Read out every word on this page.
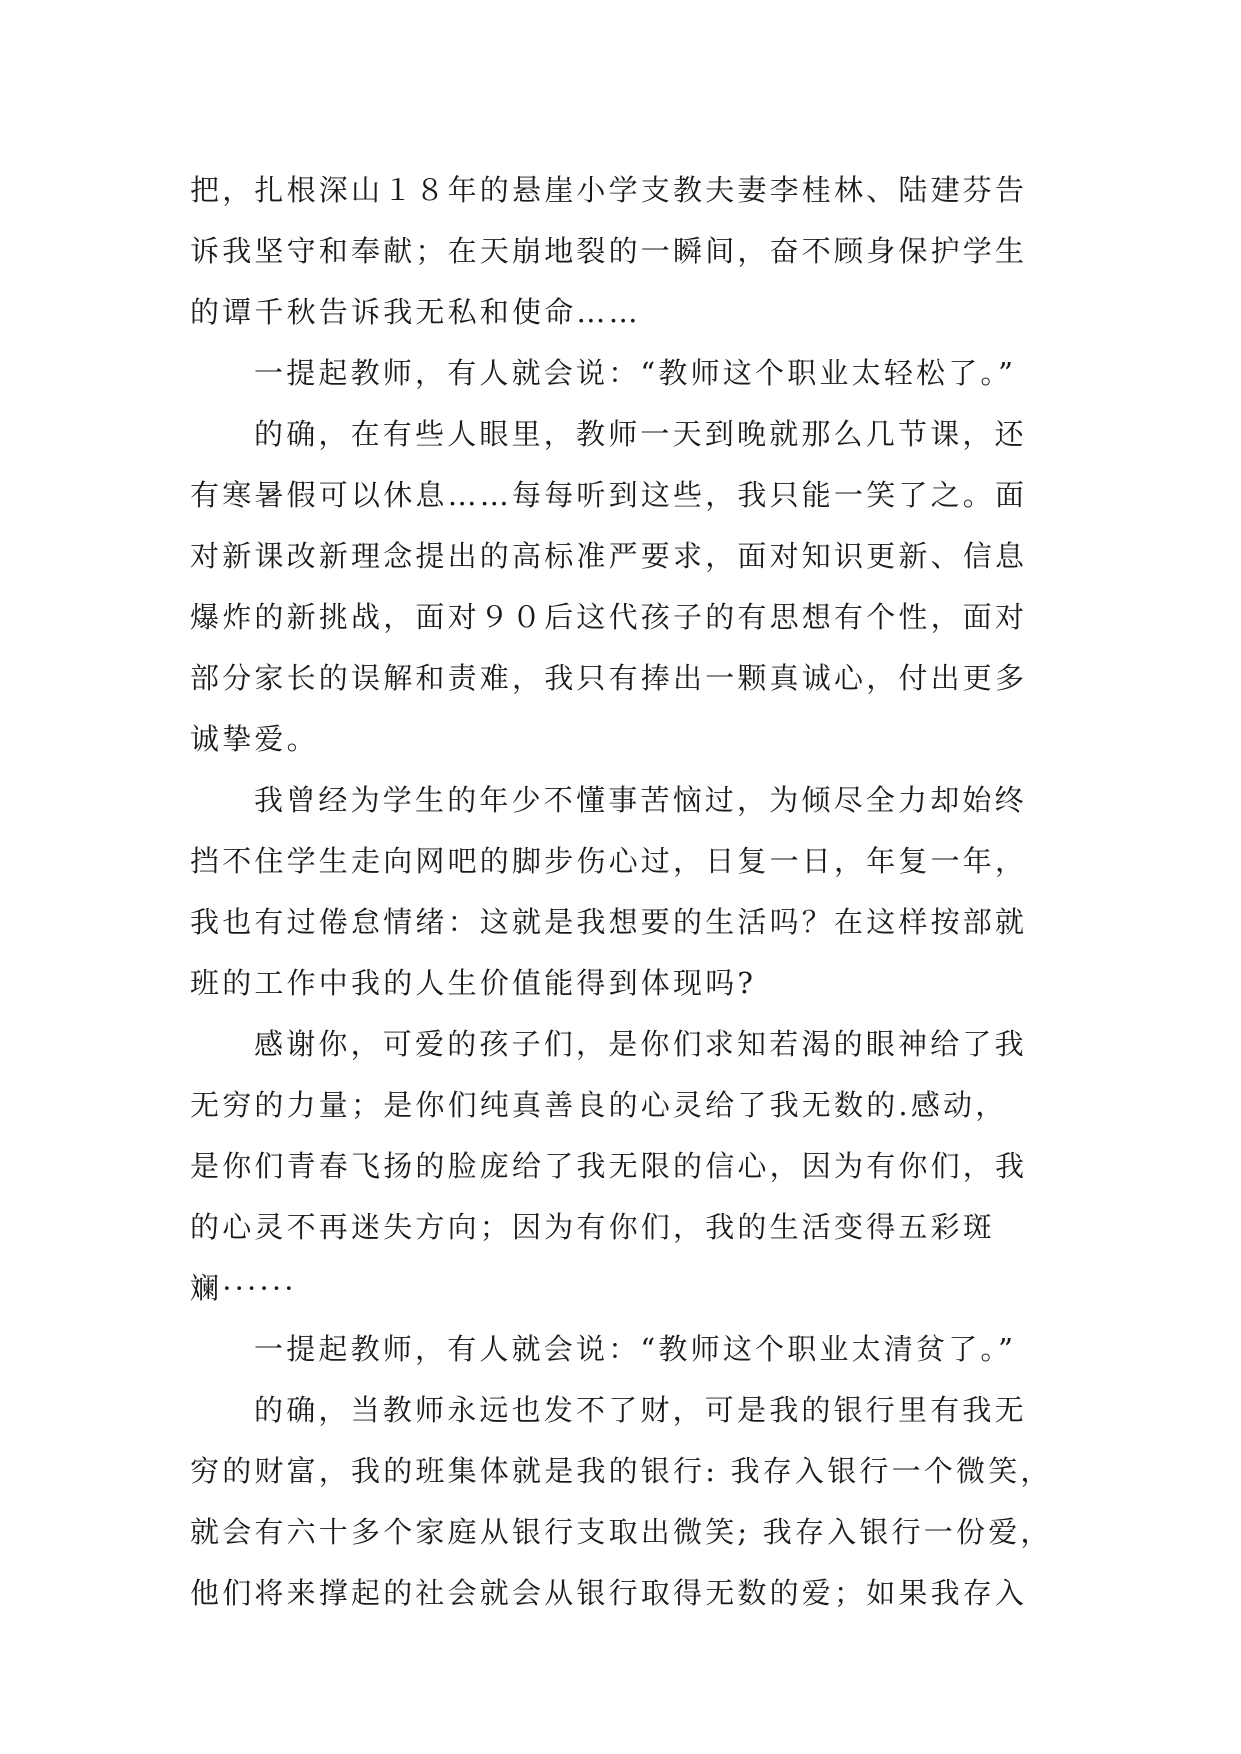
把，扎根深山１８年的悬崖小学支教夫妻李桂林、陆建芬告
诉我坚守和奉献；在天崩地裂的一瞬间，奋不顾身保护学生
的谭千秋告诉我无私和使命……
一提起教师，有人就会说：“教师这个职业太轻松了。”
的确，在有些人眼里，教师一天到晚就那么几节课，还
有寒暑假可以休息……每每听到这些，我只能一笑了之。面
对新课改新理念提出的高标准严要求，面对知识更新、信息
爆炸的新挑战，面对９０后这代孩子的有思想有个性，面对
部分家长的误解和责难，我只有捧出一颗真诚心，付出更多
诚挚爱。
我曾经为学生的年少不懂事苦恼过，为倾尽全力却始终
挡不住学生走向网吧的脚步伤心过，日复一日，年复一年，
我也有过倦怠情绪：这就是我想要的生活吗？在这样按部就
班的工作中我的人生价值能得到体现吗?
感谢你，可爱的孩子们，是你们求知若渴的眼神给了我
无穷的力量；是你们纯真善良的心灵给了我无数的.感动，
是你们青春飞扬的脸庞给了我无限的信心，因为有你们，我
的心灵不再迷失方向；因为有你们，我的生活变得五彩斑
斓······
一提起教师，有人就会说：“教师这个职业太清贫了。”
的确，当教师永远也发不了财，可是我的银行里有我无
穷的财富，我的班集体就是我的银行: 我存入银行一个微笑，
就会有六十多个家庭从银行支取出微笑; 我存入银行一份爱，
他们将来撑起的社会就会从银行取得无数的爱；如果我存入
